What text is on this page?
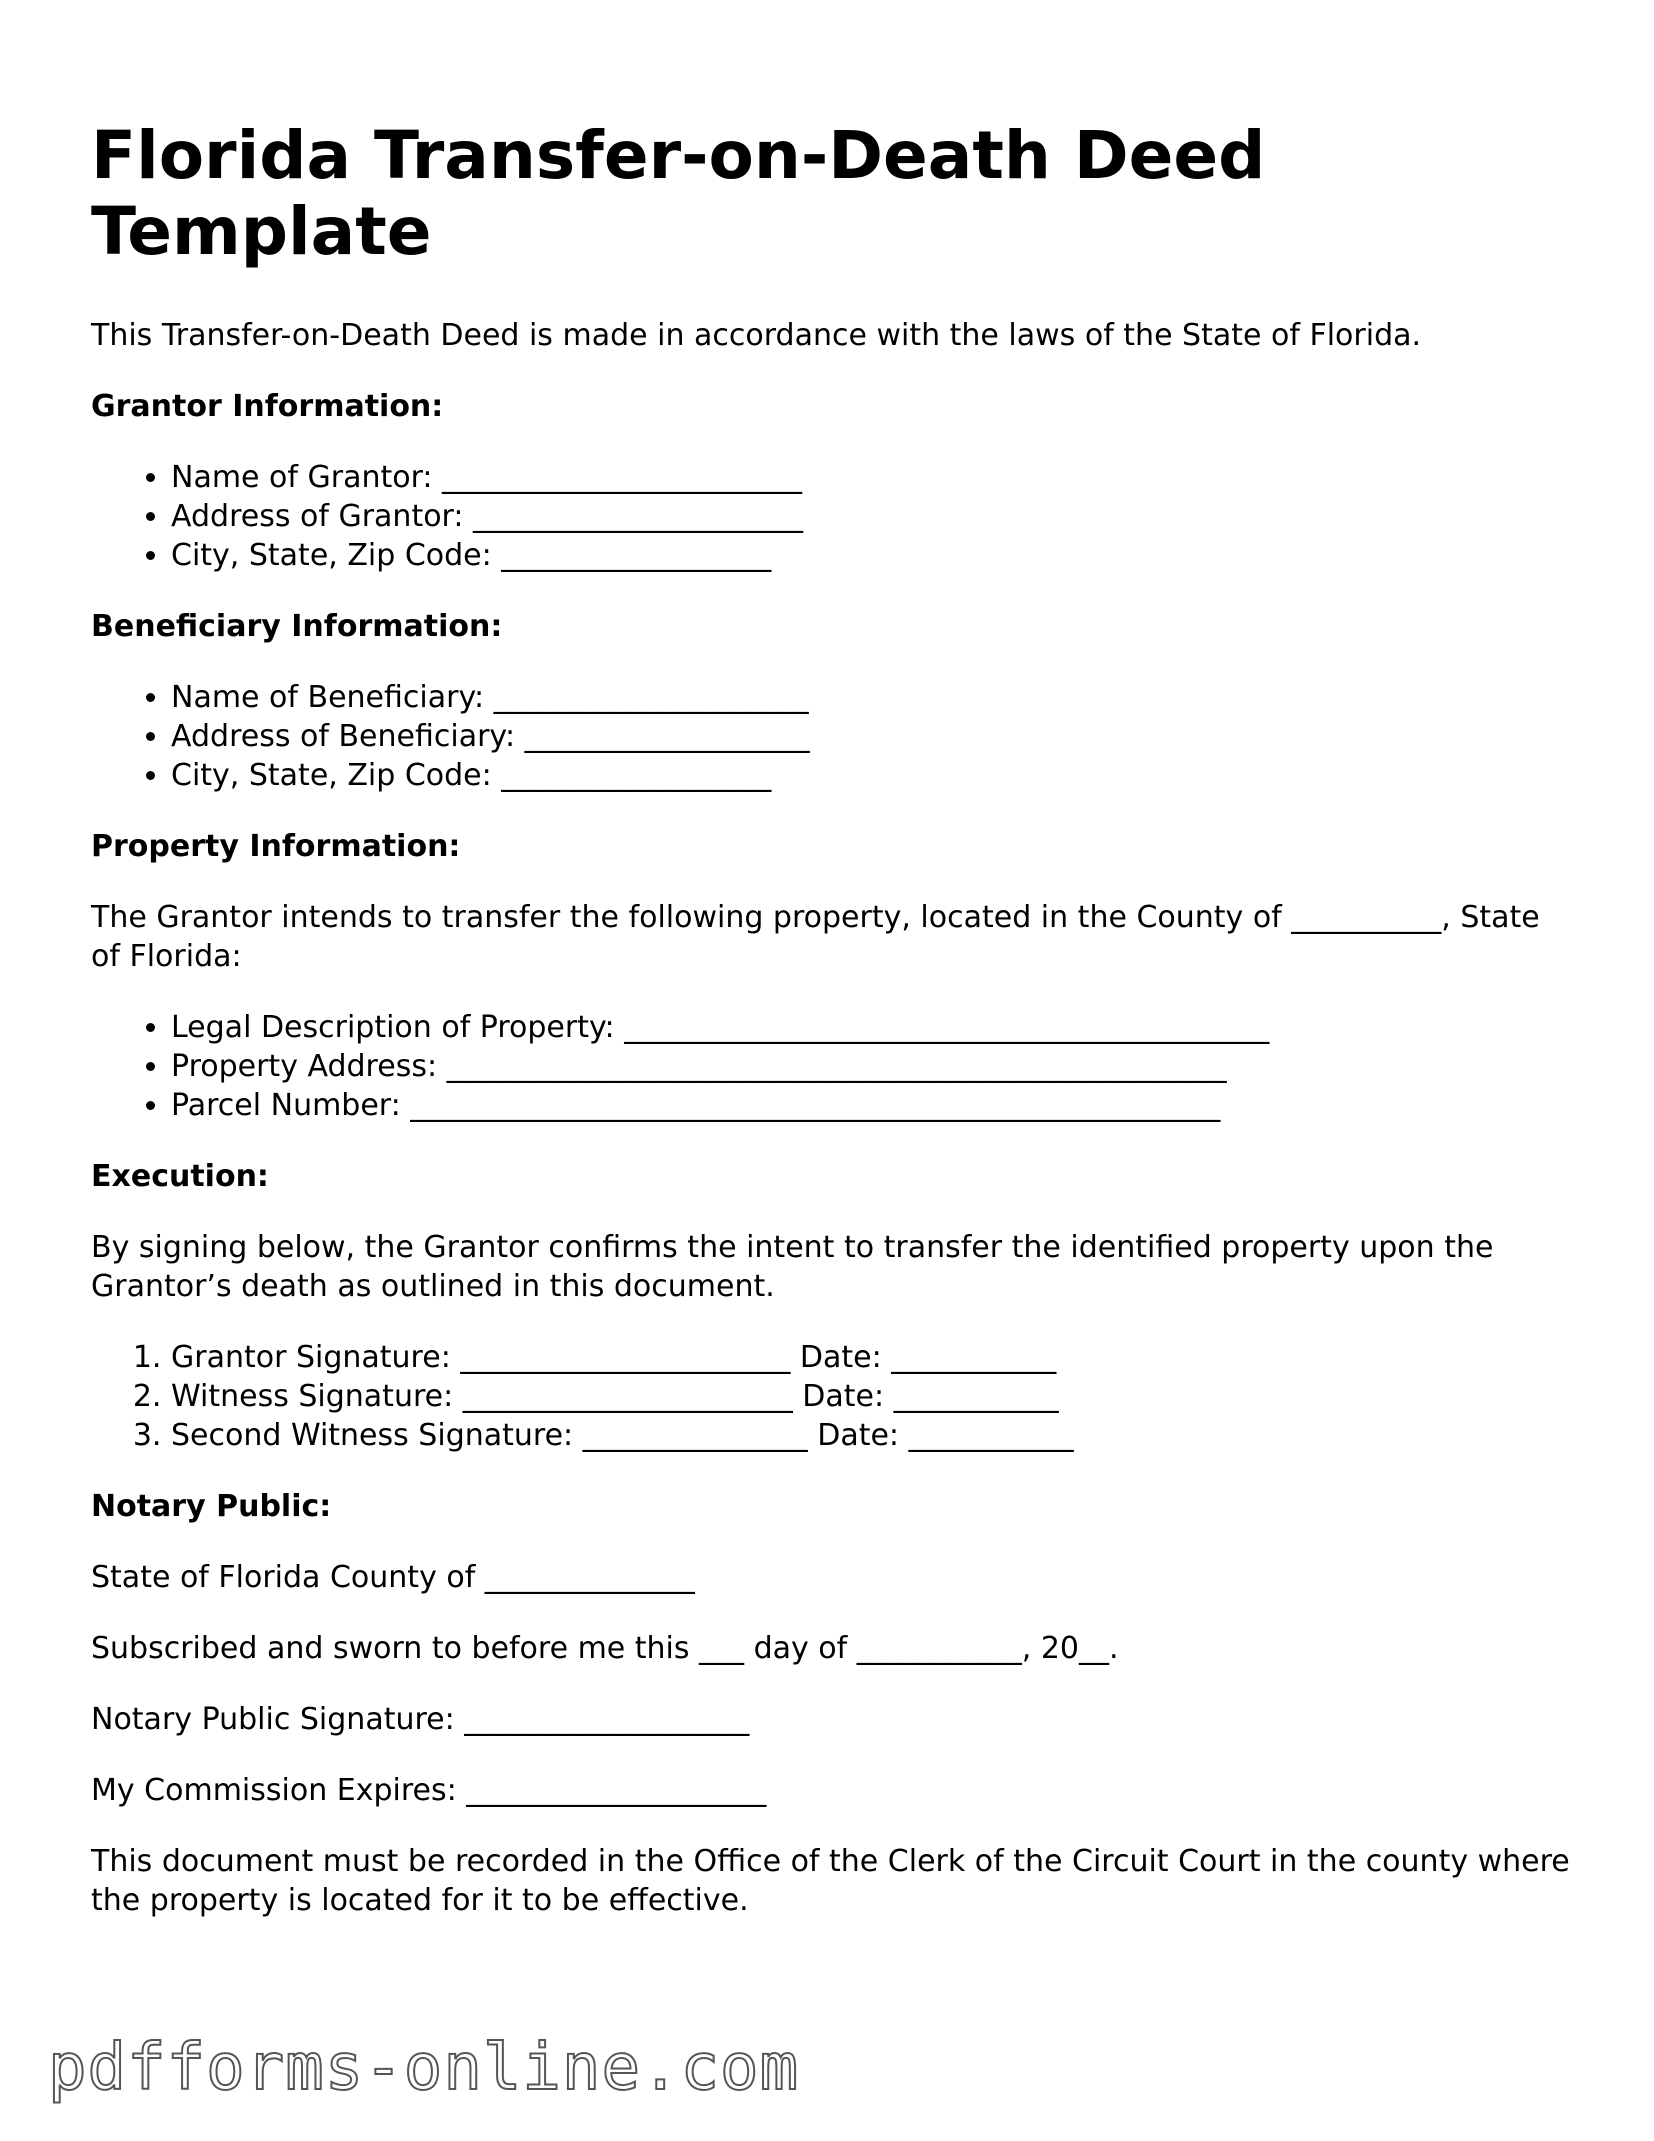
Florida Transfer-on-Death Deed Template

This Transfer-on-Death Deed is made in accordance with the laws of the State of Florida.

Grantor Information:
• Name of Grantor: ________________________
• Address of Grantor: ______________________
• City, State, Zip Code: __________________
Beneficiary Information:
• Name of Beneficiary: _____________________
• Address of Beneficiary: ___________________
• City, State, Zip Code: __________________
Property Information:

The Grantor intends to transfer the following property, located in the County of __________, State of Florida:

• Legal Description of Property: ___________________________________________
• Property Address: ____________________________________________________
• Parcel Number: ______________________________________________________
Execution:

By signing below, the Grantor confirms the intent to transfer the identified property upon the Grantor’s death as outlined in this document.

1. Grantor Signature: ______________________ Date: ___________
2. Witness Signature: ______________________ Date: ___________
3. Second Witness Signature: _______________ Date: ___________
Notary Public:

State of Florida County of ______________

Subscribed and sworn to before me this ___ day of ___________, 20__.

Notary Public Signature: ___________________

My Commission Expires: ____________________

This document must be recorded in the Office of the Clerk of the Circuit Court in the county where the property is located for it to be effective.

pdfforms-online.com
